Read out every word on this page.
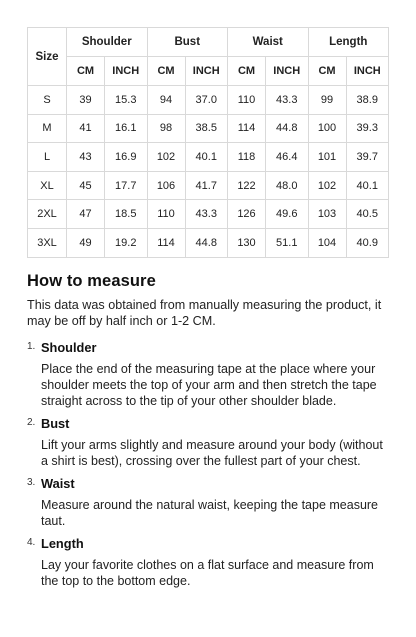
Size	Shoulder		Bust		Waist		Length	
	CM	INCH	CM	INCH	CM	INCH	CM	INCH
S	39	15.3	94	37.0	110	43.3	99	38.9
M	41	16.1	98	38.5	114	44.8	100	39.3
L	43	16.9	102	40.1	118	46.4	101	39.7
XL	45	17.7	106	41.7	122	48.0	102	40.1
2XL	47	18.5	110	43.3	126	49.6	103	40.5
3XL	49	19.2	114	44.8	130	51.1	104	40.9
How to measure

This data was obtained from manually measuring the product, it may be off by half inch or 1-2 CM.

1. Shoulder

Place the end of the measuring tape at the place where your shoulder meets the top of your arm and then stretch the tape straight across to the tip of your other shoulder blade.

2. Bust

Lift your arms slightly and measure around your body (without a shirt is best), crossing over the fullest part of your chest.

3. Waist

Measure around the natural waist, keeping the tape measure taut.

4. Length

Lay your favorite clothes on a flat surface and measure from the top to the bottom edge.
